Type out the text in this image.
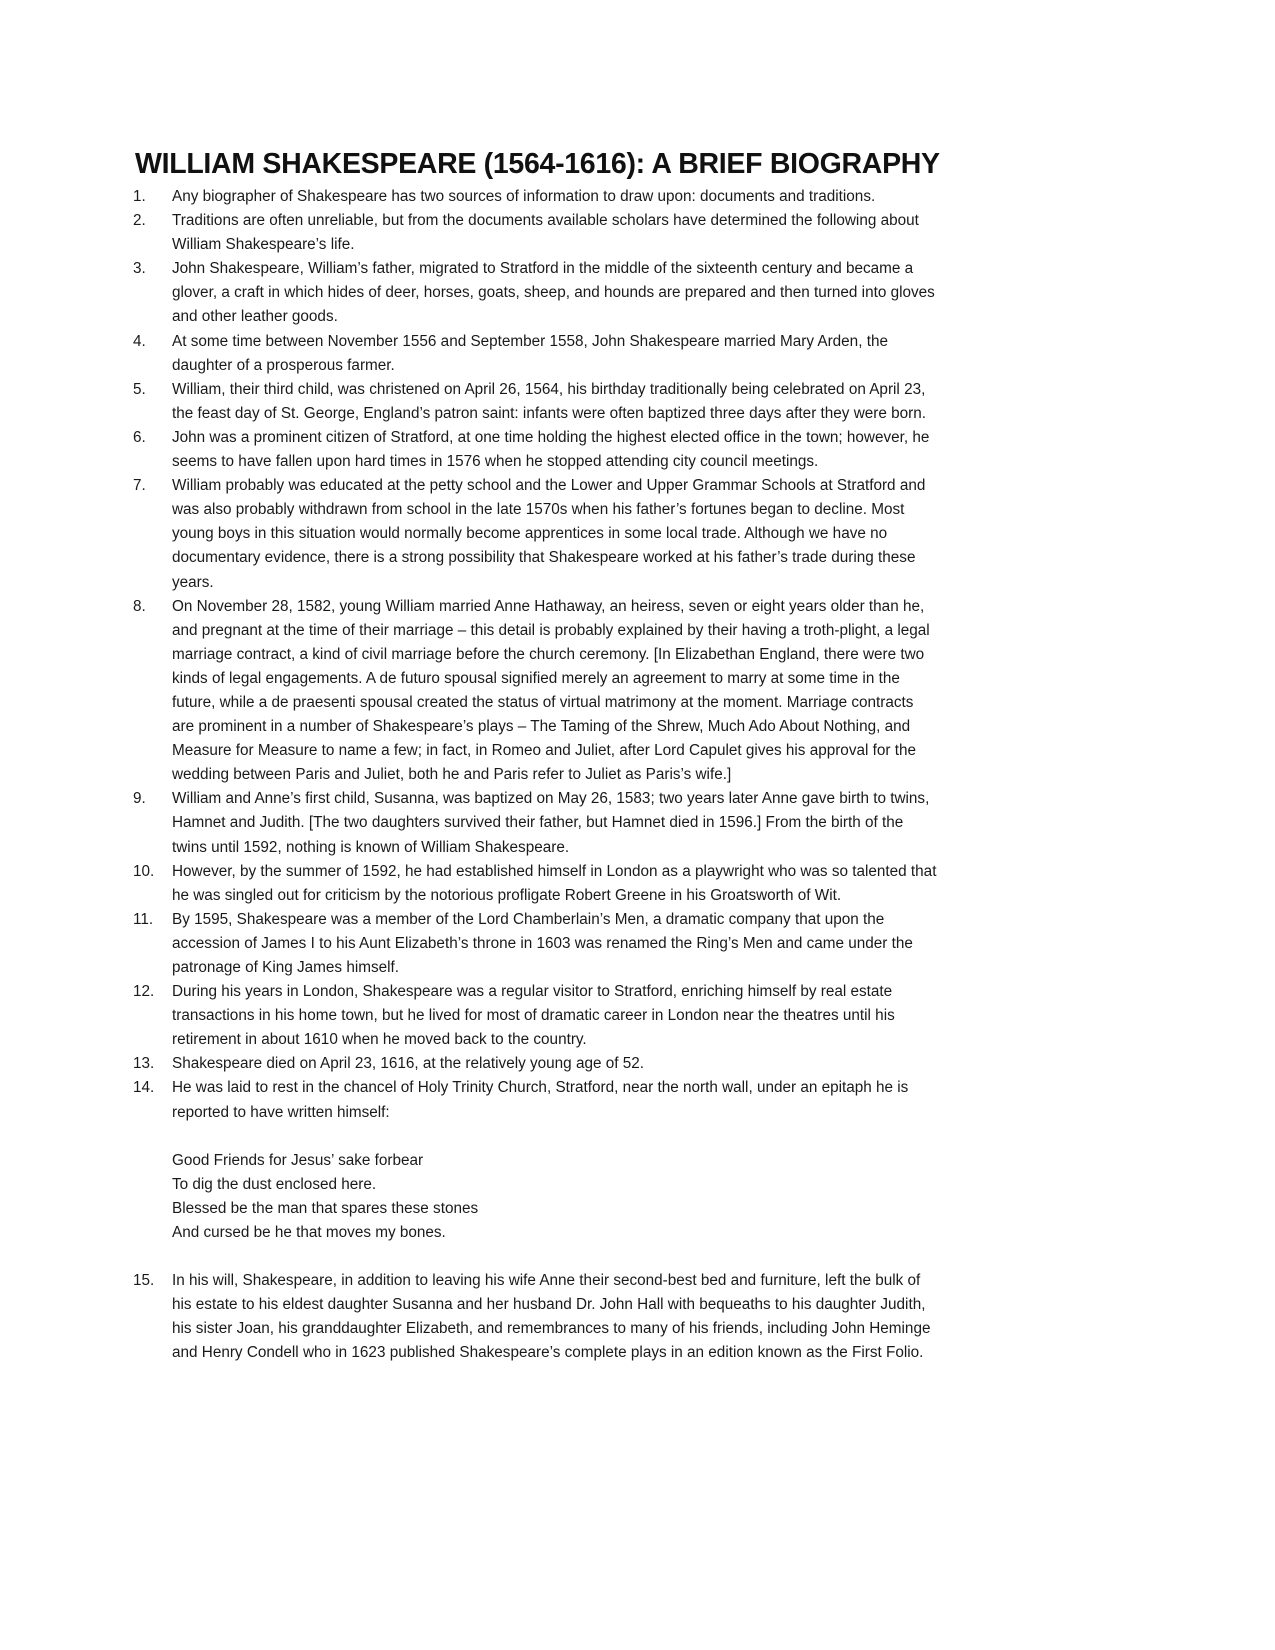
WILLIAM SHAKESPEARE (1564-1616): A BRIEF BIOGRAPHY
1. Any biographer of Shakespeare has two sources of information to draw upon: documents and traditions.
2. Traditions are often unreliable, but from the documents available scholars have determined the following about
William Shakespeare’s life.
3. John Shakespeare, William’s father, migrated to Stratford in the middle of the sixteenth century and became a
glover, a craft in which hides of deer, horses, goats, sheep, and hounds are prepared and then turned into gloves
and other leather goods.
4. At some time between November 1556 and September 1558, John Shakespeare married Mary Arden, the
daughter of a prosperous farmer.
5. William, their third child, was christened on April 26, 1564, his birthday traditionally being celebrated on April 23,
the feast day of St. George, England’s patron saint: infants were often baptized three days after they were born.
6. John was a prominent citizen of Stratford, at one time holding the highest elected office in the town; however, he
seems to have fallen upon hard times in 1576 when he stopped attending city council meetings.
7. William probably was educated at the petty school and the Lower and Upper Grammar Schools at Stratford and
was also probably withdrawn from school in the late 1570s when his father’s fortunes began to decline. Most
young boys in this situation would normally become apprentices in some local trade. Although we have no
documentary evidence, there is a strong possibility that Shakespeare worked at his father’s trade during these
years.
8. On November 28, 1582, young William married Anne Hathaway, an heiress, seven or eight years older than he,
and pregnant at the time of their marriage – this detail is probably explained by their having a troth-plight, a legal
marriage contract, a kind of civil marriage before the church ceremony. [In Elizabethan England, there were two
kinds of legal engagements. A de futuro spousal signified merely an agreement to marry at some time in the
future, while a de praesenti spousal created the status of virtual matrimony at the moment. Marriage contracts
are prominent in a number of Shakespeare’s plays – The Taming of the Shrew, Much Ado About Nothing, and
Measure for Measure to name a few; in fact, in Romeo and Juliet, after Lord Capulet gives his approval for the
wedding between Paris and Juliet, both he and Paris refer to Juliet as Paris’s wife.]
9. William and Anne’s first child, Susanna, was baptized on May 26, 1583; two years later Anne gave birth to twins,
Hamnet and Judith. [The two daughters survived their father, but Hamnet died in 1596.] From the birth of the
twins until 1592, nothing is known of William Shakespeare.
10. However, by the summer of 1592, he had established himself in London as a playwright who was so talented that
he was singled out for criticism by the notorious profligate Robert Greene in his Groatsworth of Wit.
11. By 1595, Shakespeare was a member of the Lord Chamberlain’s Men, a dramatic company that upon the
accession of James I to his Aunt Elizabeth’s throne in 1603 was renamed the Ring’s Men and came under the
patronage of King James himself.
12. During his years in London, Shakespeare was a regular visitor to Stratford, enriching himself by real estate
transactions in his home town, but he lived for most of dramatic career in London near the theatres until his
retirement in about 1610 when he moved back to the country.
13. Shakespeare died on April 23, 1616, at the relatively young age of 52.
14. He was laid to rest in the chancel of Holy Trinity Church, Stratford, near the north wall, under an epitaph he is
reported to have written himself:
Good Friends for Jesus’ sake forbear
To dig the dust enclosed here.
Blessed be the man that spares these stones
And cursed be he that moves my bones.
15. In his will, Shakespeare, in addition to leaving his wife Anne their second-best bed and furniture, left the bulk of
his estate to his eldest daughter Susanna and her husband Dr. John Hall with bequeaths to his daughter Judith,
his sister Joan, his granddaughter Elizabeth, and remembrances to many of his friends, including John Heminge
and Henry Condell who in 1623 published Shakespeare’s complete plays in an edition known as the First Folio.
